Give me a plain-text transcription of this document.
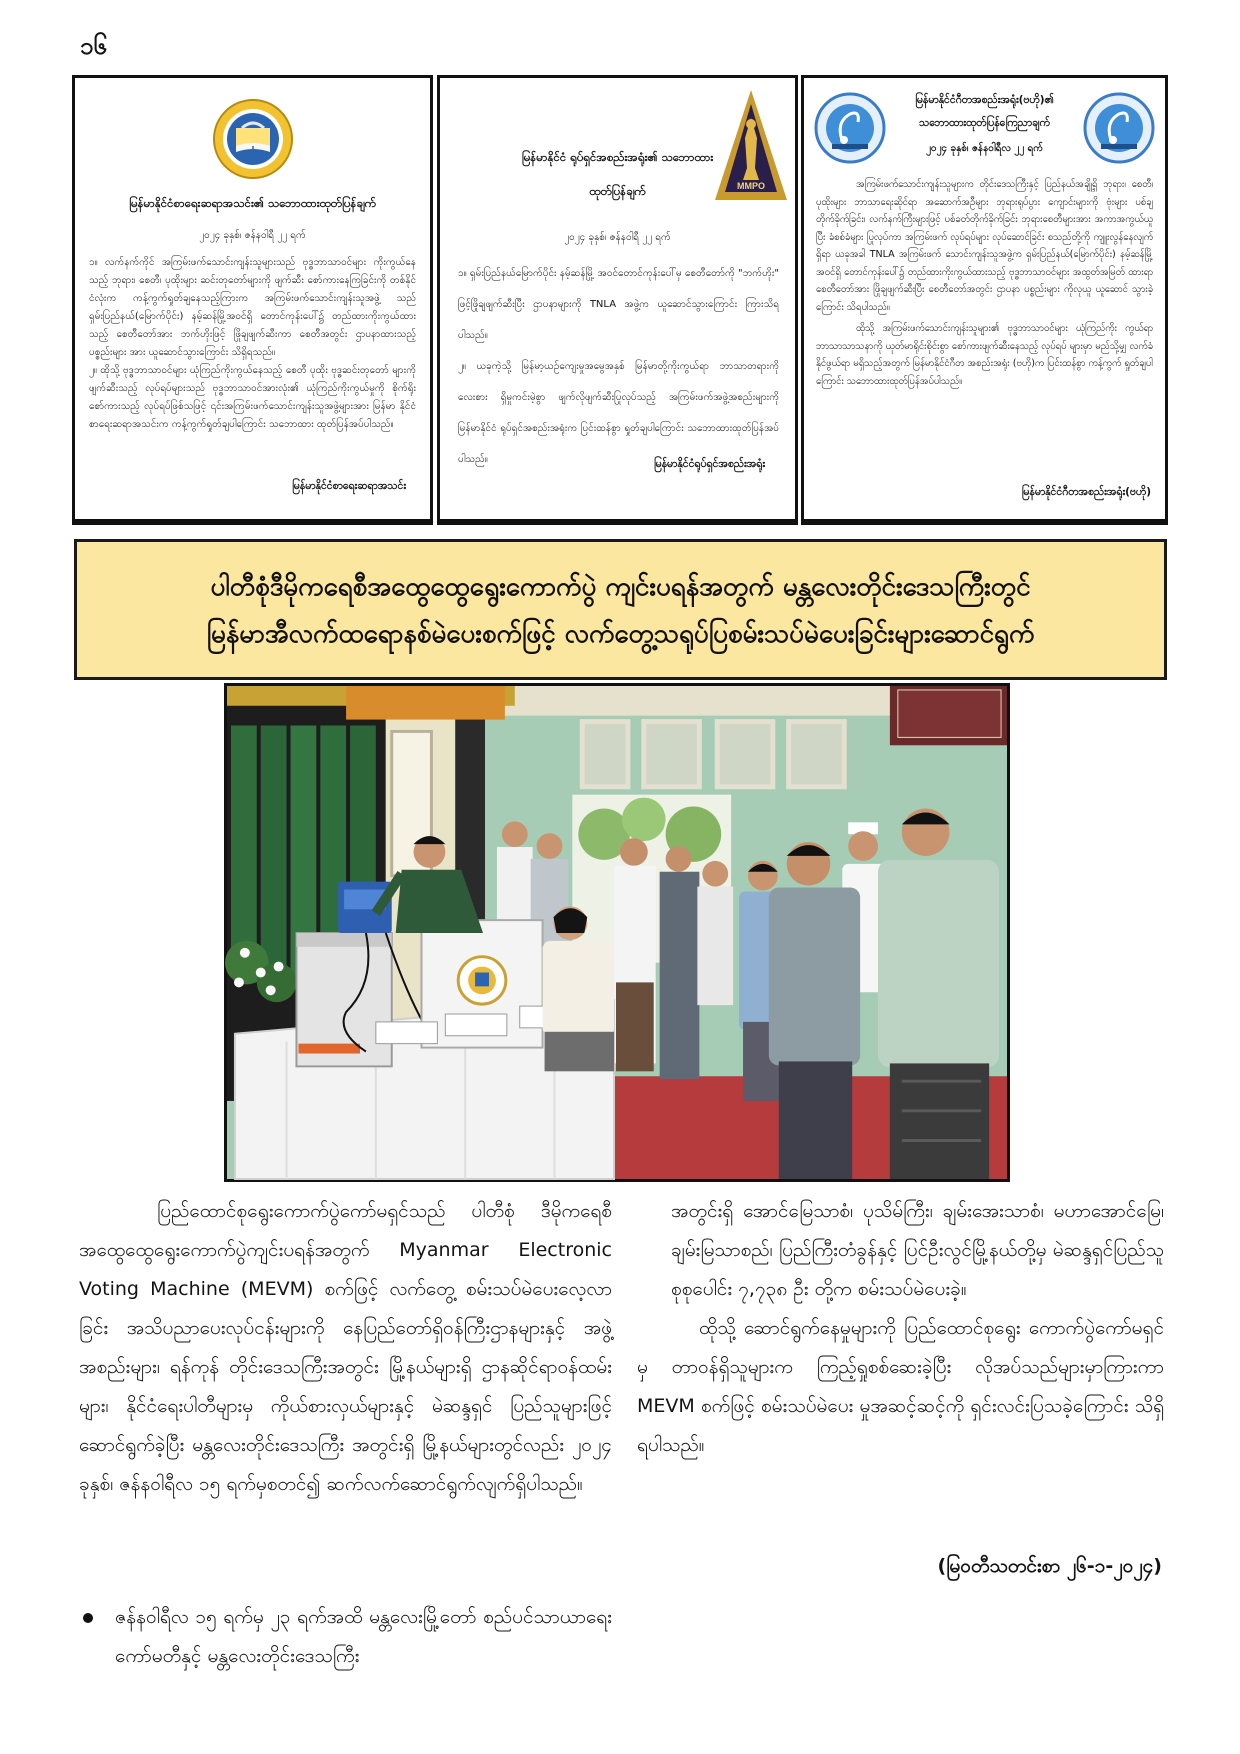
၁၆
မြန်မာနိုင်ငံစာရေးဆရာအသင်း၏ သဘောထားထုတ်ပြန်ချက်
၂၀၂၄ ခုနှစ်၊ ဇန်နဝါရီ ၂၂ ရက်

၁။ လက်နက်ကိုင် အကြမ်းဖက်သောင်းကျန်းသူများသည် ဗုဒ္ဓဘာသာဝင်များ ကိုးကွယ်နေသည့် ဘုရား၊ စေတီ၊ ပုထိုးများ ဆင်းတုတော်များကို ဖျက်ဆီး စော်ကားနေကြခြင်းကို တစ်နိုင်ငံလုံးက ကန့်ကွက်ရှုတ်ချနေသည့်ကြားက အကြမ်းဖက်သောင်းကျန်းသူအဖွဲ့ သည် ရှမ်းပြည်နယ်(မြောက်ပိုင်း) နမ့်ဆန်မြို့အဝင်ရှိ တောင်ကုန်းပေါ်၌ တည်ထားကိုးကွယ်ထားသည့် စေတီတော်အား ဘက်ဟိုးဖြင့် ဖြိုချဖျက်ဆီးကာ စေတီအတွင်း ဌာပနာထားသည့် ပစ္စည်းများ အား ယူဆောင်သွားကြောင်း သိရှိရသည်။

၂။ ထိုသို့ ဗုဒ္ဓဘာသာဝင်များ ယုံကြည်ကိုးကွယ်နေသည့် စေတီ ပုထိုး ဗုဒ္ဓဆင်းတုတော် များကို ဖျက်ဆီးသည့် လုပ်ရပ်များသည် ဗုဒ္ဓဘာသာဝင်အားလုံး၏ ယုံကြည်ကိုးကွယ်မှုကို စိုက်ရိုးစော်ကားသည့် လုပ်ရပ်ဖြစ်သဖြင့် ၎င်းအကြမ်းဖက်သောင်းကျန်းသူအဖွဲ့များအား မြန်မာ နိုင်ငံစာရေးဆရာအသင်းက ကန့်ကွက်ရှုတ်ချပါကြောင်း သဘောထား ထုတ်ပြန်အပ်ပါသည်။

မြန်မာနိုင်ငံစာရေးဆရာအသင်း
MMPO
မြန်မာနိုင်ငံ ရုပ်ရှင်အစည်းအရုံး၏ သဘောထား
ထုတ်ပြန်ချက်
၂၀၂၄ ခုနှစ်၊ ဇန်နဝါရီ ၂၂ ရက်

၁။ ရှမ်းပြည်နယ်မြောက်ပိုင်း နမ့်ဆန်မြို့ အဝင်တောင်ကုန်းပေါ်မှ စေတီတော်ကို "ဘက်ဟိုး" ဖြင့်ဖြိုချဖျက်ဆီးပြီး ဌာပနာများကို TNLA အဖွဲ့က ယူဆောင်သွားကြောင်း ကြားသိရပါသည်။

၂။ ယခုကဲ့သို့ မြန်မာ့ယဉ်ကျေးမှုအမွေအနှစ် မြန်မာတို့ကိုးကွယ်ရာ ဘာသာတရားကိုလေးစား ရှိမှုကင်းမဲ့စွာ ဖျက်လိုဖျက်ဆီးပြုလုပ်သည့် အကြမ်းဖက်အဖွဲ့အစည်းများကို မြန်မာနိုင်ငံ ရုပ်ရှင်အစည်းအရုံးက ပြင်းထန်စွာ ရှုတ်ချပါကြောင်း သဘောထားထုတ်ပြန်အပ်ပါသည်။	မြန်မာနိုင်ငံရုပ်ရှင်အစည်းအရုံး
မြန်မာနိုင်ငံဂီတအစည်းအရုံး(ဗဟို)၏
သဘောထားထုတ်ပြန်ကြေညာချက်
၂၀၂၄ ခုနှစ်၊ ဇန်နဝါရီလ ၂၂ ရက်

အကြမ်းဖက်သောင်းကျန်းသူများက တိုင်းဒေသကြီးနှင့် ပြည်နယ်အချို့ရှိ ဘုရား၊ စေတီ၊ ပုထိုးများ ဘာသာရေးဆိုင်ရာ အဆောက်အဦများ ဘုရားရုပ်ပွား ကျောင်းများကို ဗုံးများ ပစ်ချတိုက်ခိုက်ခြင်း၊ လက်နက်ကြီးများဖြင့် ပစ်ခတ်တိုက်ခိုက်ခြင်း ဘုရားစေတီများအား အကာအကွယ်ယူပြီး ခံစစ်ခံများ ပြုလုပ်ကာ အကြမ်းဖက် လုပ်ရပ်များ လုပ်ဆောင်ခြင်း စသည်တို့ကို ကျူးလွန်နေလျက်ရှိရာ ယခုအခါ TNLA အကြမ်းဖက် သောင်းကျန်းသူအဖွဲ့က ရှမ်းပြည်နယ်(မြောက်ပိုင်း) နမ့်ဆန်မြို့အဝင်ရှိ တောင်ကုန်းပေါ်၌ တည်ထားကိုးကွယ်ထားသည့် ဗုဒ္ဓဘာသာဝင်များ အထွတ်အမြတ် ထားရာ စေတီတော်အား ဖြိုချဖျက်ဆီးပြီး စေတီတော်အတွင်း ဌာပနာ ပစ္စည်းများ ကိုလုယူ ယူဆောင် သွားခဲ့ကြောင်း သိရပါသည်။

ထိုသို့ အကြမ်းဖက်သောင်းကျန်းသူများ၏ ဗုဒ္ဓဘာသာဝင်များ ယုံကြည်ကိုး ကွယ်ရာ ဘာသာသာသနာကို ယုတ်မာရိုင်းစိုင်းစွာ စော်ကားဖျက်ဆီးနေသည့် လုပ်ရပ် များမှာ မည်သို့မျှ လက်ခံနိုင်ဖွယ်ရာ မရှိသည့်အတွက် မြန်မာနိုင်ငံဂီတ အစည်းအရုံး (ဗဟို)က ပြင်းထန်စွာ ကန့်ကွက် ရှုတ်ချပါကြောင်း သဘောထားထုတ်ပြန်အပ်ပါသည်။

မြန်မာနိုင်ငံဂီတအစည်းအရုံး(ဗဟို)
ပါတီစုံဒီမိုကရေစီအထွေထွေရွေးကောက်ပွဲ ကျင်းပရန်အတွက် မန္တလေးတိုင်းဒေသကြီးတွင်
မြန်မာအီလက်ထရောနစ်မဲပေးစက်ဖြင့် လက်တွေ့သရုပ်ပြစမ်းသပ်မဲပေးခြင်းများဆောင်ရွက်

ပြည်ထောင်စုရွေးကောက်ပွဲကော်မရှင်သည် ပါတီစုံ ဒီမိုကရေစီအထွေထွေရွေးကောက်ပွဲကျင်းပရန်အတွက် Myanmar Electronic Voting Machine (MEVM) စက်ဖြင့် လက်တွေ့ စမ်းသပ်မဲပေးလေ့လာခြင်း အသိပညာပေးလုပ်ငန်းများကို နေပြည်တော်ရှိဝန်ကြီးဌာနများနှင့် အဖွဲ့အစည်းများ၊ ရန်ကုန် တိုင်းဒေသကြီးအတွင်း မြို့နယ်များရှိ ဌာနဆိုင်ရာဝန်ထမ်း များ၊ နိုင်ငံရေးပါတီများမှ ကိုယ်စားလှယ်များနှင့် မဲဆန္ဒရှင် ပြည်သူများဖြင့် ဆောင်ရွက်ခဲ့ပြီး မန္တလေးတိုင်းဒေသကြီး အတွင်းရှိ မြို့နယ်များတွင်လည်း ၂၀၂၄ ခုနှစ်၊ ဇန်နဝါရီလ ၁၅ ရက်မှစတင်၍ ဆက်လက်ဆောင်ရွက်လျက်ရှိပါသည်။

ဇန်နဝါရီလ ၁၅ ရက်မှ ၂၃ ရက်အထိ မန္တလေးမြို့တော် စည်ပင်သာယာရေးကော်မတီနှင့် မန္တလေးတိုင်းဒေသကြီး

အတွင်းရှိ အောင်မြေသာစံ၊ ပုသိမ်ကြီး၊ ချမ်းအေးသာစံ၊ မဟာအောင်မြေ၊ ချမ်းမြသာစည်၊ ပြည်ကြီးတံခွန်နှင့် ပြင်ဦးလွင်မြို့နယ်တို့မှ မဲဆန္ဒရှင်ပြည်သူစုစုပေါင်း ၇,၇၃၈ ဦး တို့က စမ်းသပ်မဲပေးခဲ့။

ထိုသို့ ဆောင်ရွက်နေမှုများကို ပြည်ထောင်စုရွေး ကောက်ပွဲကော်မရှင်မှ တာဝန်ရှိသူများက ကြည့်ရှုစစ်ဆေးခဲ့ပြီး လိုအပ်သည်များမှာကြားကာ MEVM စက်ဖြင့် စမ်းသပ်မဲပေး မှုအဆင့်ဆင့်ကို ရှင်းလင်းပြသခဲ့ကြောင်း သိရှိရပါသည်။

(မြဝတီသတင်းစာ ၂၆-၁-၂၀၂၄)
